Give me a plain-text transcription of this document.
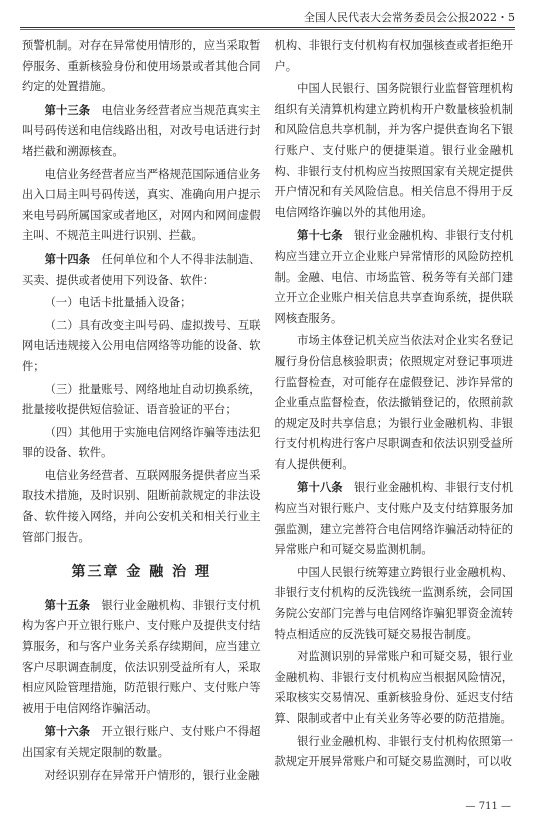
全国人民代表大会常务委员会公报2022・5

预警机制。对存在异常使用情形的，应当采取暂停服务、重新核验身份和使用场景或者其他合同约定的处置措施。

第十三条　 电信业务经营者应当规范真实主叫号码传送和电信线路出租，对改号电话进行封堵拦截和溯源核查。

电信业务经营者应当严格规范国际通信业务出入口局主叫号码传送，真实、准确向用户提示来电号码所属国家或者地区，对网内和网间虚假主叫、不规范主叫进行识别、拦截。

第十四条　 任何单位和个人不得非法制造、买卖、提供或者使用下列设备、软件：

（一）电话卡批量插入设备；

（二）具有改变主叫号码、虚拟拨号、互联网电话违规接入公用电信网络等功能的设备、软件；

（三）批量账号、网络地址自动切换系统，批量接收提供短信验证、语音验证的平台；

（四）其他用于实施电信网络诈骗等违法犯罪的设备、软件。

电信业务经营者、互联网服务提供者应当采取技术措施，及时识别、阻断前款规定的非法设备、软件接入网络，并向公安机关和相关行业主管部门报告。

第三章 金 融 治 理

第十五条　 银行业金融机构、非银行支付机构为客户开立银行账户、支付账户及提供支付结算服务，和与客户业务关系存续期间，应当建立客户尽职调查制度，依法识别受益所有人，采取相应风险管理措施，防范银行账户、支付账户等被用于电信网络诈骗活动。

第十六条　 开立银行账户、支付账户不得超出国家有关规定限制的数量。

对经识别存在异常开户情形的，银行业金融

机构、非银行支付机构有权加强核查或者拒绝开户。

中国人民银行、国务院银行业监督管理机构组织有关清算机构建立跨机构开户数量核验机制和风险信息共享机制，并为客户提供查询名下银行账户、支付账户的便捷渠道。银行业金融机构、非银行支付机构应当按照国家有关规定提供开户情况和有关风险信息。相关信息不得用于反电信网络诈骗以外的其他用途。

第十七条　 银行业金融机构、非银行支付机构应当建立开立企业账户异常情形的风险防控机制。金融、电信、市场监管、税务等有关部门建立开立企业账户相关信息共享查询系统，提供联网核查服务。

市场主体登记机关应当依法对企业实名登记履行身份信息核验职责；依照规定对登记事项进行监督检查，对可能存在虚假登记、涉诈异常的企业重点监督检查，依法撤销登记的，依照前款的规定及时共享信息；为银行业金融机构、非银行支付机构进行客户尽职调查和依法识别受益所有人提供便利。

第十八条　 银行业金融机构、非银行支付机构应当对银行账户、支付账户及支付结算服务加强监测，建立完善符合电信网络诈骗活动特征的异常账户和可疑交易监测机制。

中国人民银行统筹建立跨银行业金融机构、非银行支付机构的反洗钱统一监测系统，会同国务院公安部门完善与电信网络诈骗犯罪资金流转特点相适应的反洗钱可疑交易报告制度。

对监测识别的异常账户和可疑交易，银行业金融机构、非银行支付机构应当根据风险情况，采取核实交易情况、重新核验身份、延迟支付结算、限制或者中止有关业务等必要的防范措施。

银行业金融机构、非银行支付机构依照第一款规定开展异常账户和可疑交易监测时，可以收

— 711 —
